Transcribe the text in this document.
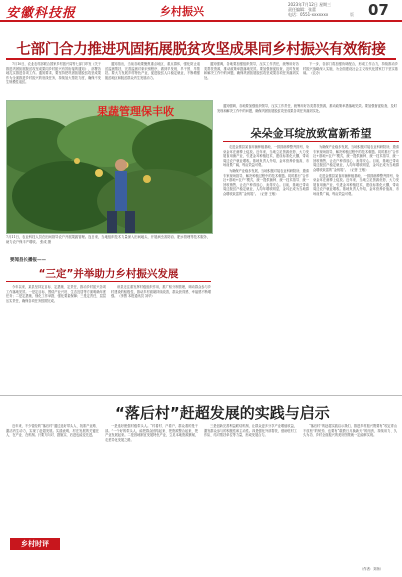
安徽科技报	乡村振兴
2023年7月12日 星期三
责任编辑：张蕾
电话：0551-xxxxxxx	07
版
七部门合力推进巩固拓展脱贫攻坚成果同乡村振兴有效衔接

7月10日，农业农村部联合国家乡村振兴局等七部门印发《关于推进巩固拓展脱贫攻坚成果同乡村振兴有效衔接的通知》，部署各地扎实推进各项工作。通知要求，要坚持把巩固拓展脱贫攻坚成果作为全面推进乡村振兴的底线任务，持续加大帮扶力度，确保不发生规模性返贫。

通知指出，当前各地要聚焦重点地区、重点群体，强化防止返贫监测帮扶，完善监测对象识别程序，做到早发现、早干预、早帮扶。要大力发展乡村特色产业，促进脱贫人口稳定就业，不断增强脱贫地区和脱贫群众内生发展动力。

通知强调，各地要加强组织领导，压实工作责任，统筹用好各类帮扶资源，推动政策举措落地见效。要加强督促检查，及时发现和解决工作中的问题，确保巩固拓展脱贫攻坚成果各项任务落到实处。

下一步，各部门将加强协调配合，形成工作合力，持续推动乡村振兴战略深入实施，为全面建设社会主义现代化国家打下坚实基础。（农办）

果蔬管理保丰收
7月11日，农业科技人员在田间指导农户开展果蔬管理。连日来，当地组织技术力量深入田间地头，开展病虫害防治、肥水管理等技术服务，助力农户保丰产增收。 张成 摄

通知强调，各地要加强组织领导，压实工作责任，统筹用好各类帮扶资源，推动政策举措落地见效。要加强督促检查，及时发现和解决工作中的问题，确保巩固拓展脱贫攻坚成果各项任务落到实处。

朵朵金耳绽放致富新希望

走进金寨县某食用菌种植基地，一排排菌棒整齐排列，朵朵金耳在菌棒上绽放。近年来，当地立足资源优势，大力发展食用菌产业，引进金耳种植技术，建设标准化大棚，带动周边农户就业增收。基地负责人介绍，金耳营养价值高，市场前景广阔，每亩效益可观。

为确保产业稳步发展，当地积极对接农业科研院所，邀请专家现场指导，解决种植过程中的技术难题。同时推行“合作社+基地+农户”模式，统一提供菌种、统一技术指导、统一回收销售，让农户种得放心、卖得安心。目前，基地已带动周边脱贫户稳定就业，人均年增收明显，金耳正成为当地群众增收致富的“金钥匙”。（记者 王敏）

为确保产业稳步发展，当地积极对接农业科研院所，邀请专家现场指导，解决种植过程中的技术难题。同时推行“合作社+基地+农户”模式，统一提供菌种、统一技术指导、统一回收销售，让农户种得放心、卖得安心。目前，基地已带动周边脱贫户稳定就业，人均年增收明显，金耳正成为当地群众增收致富的“金钥匙”。（记者 王敏）

走进金寨县某食用菌种植基地，一排排菌棒整齐排列，朵朵金耳在菌棒上绽放。近年来，当地立足资源优势，大力发展食用菌产业，引进金耳种植技术，建设标准化大棚，带动周边农户就业增收。基地负责人介绍，金耳营养价值高，市场前景广阔，每亩效益可观。

要闻县长播报——
“三定”并举助力乡村振兴发展

今年以来，某县坚持定目标、定措施、定责任，推动乡村振兴各项工作落地见效。一是定目标，围绕产业兴旺、生态宜居等方面明确年度任务；二是定措施，细化工作举措，强化要素保障；三是定责任，层层压实责任，确保各项任务按期完成。

该县还注重发挥村级组织作用，推广积分制管理，调动群众参与乡村建设的积极性，推动乡村面貌持续改善，群众获得感、幸福感不断增强。（李慧 本报通讯员 刘华）

“落后村”赶超发展的实践与启示

近年来，不少曾经的“落后村”通过选好带头人、找准产业路、激活内生动力，实现了赶超发展。实践表明，村庄发展的关键在人、在产业、在机制。只要方向对、措施实，后进也能变先进。

一是选好配强村级带头人。“村看村、户看户，群众看的是干部。”一个好的带头人，能把群众团结起来、把资源整合起来、把产业发展起来。二是因地制宜发展特色产业，立足本地资源禀赋，走差异化发展之路。

三是创新完善利益联结机制，让群众更多分享产业增值收益，激发群众参与的积极性和主动性。四是强化外部帮扶，借助驻村工作队、结对帮扶单位等力量，形成发展合力。

“落后村”的赶超实践启示我们，推进乡村振兴既要有“咬定青山不放松”的韧劲，也要有“敢教日月换新天”的闯劲，持续用力、久久为功，乡村全面振兴的美好图景就一定能够实现。

乡村时评
（作者：刘扬）
